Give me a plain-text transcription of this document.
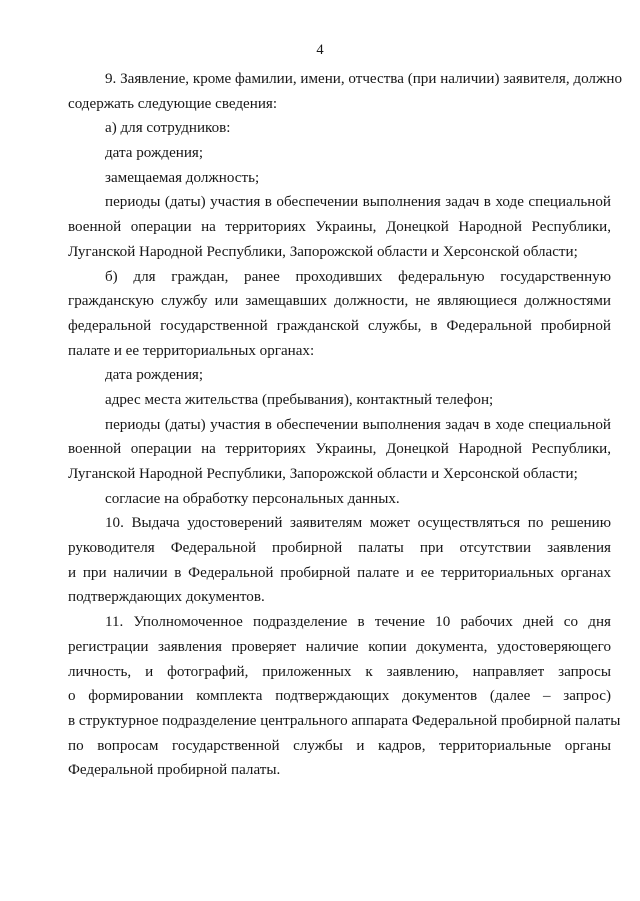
4
9. Заявление, кроме фамилии, имени, отчества (при наличии) заявителя, должно
содержать следующие сведения:
а) для сотрудников:
дата рождения;
замещаемая должность;
периоды (даты) участия в обеспечении выполнения задач в ходе специальной
военной операции на территориях Украины, Донецкой Народной Республики,
Луганской Народной Республики, Запорожской области и Херсонской области;
б) для граждан, ранее проходивших федеральную государственную
гражданскую службу или замещавших должности, не являющиеся должностями
федеральной государственной гражданской службы, в Федеральной пробирной
палате и ее территориальных органах:
дата рождения;
адрес места жительства (пребывания), контактный телефон;
периоды (даты) участия в обеспечении выполнения задач в ходе специальной
военной операции на территориях Украины, Донецкой Народной Республики,
Луганской Народной Республики, Запорожской области и Херсонской области;
согласие на обработку персональных данных.
10. Выдача удостоверений заявителям может осуществляться по решению
руководителя Федеральной пробирной палаты при отсутствии заявления
и при наличии в Федеральной пробирной палате и ее территориальных органах
подтверждающих документов.
11. Уполномоченное подразделение в течение 10 рабочих дней со дня
регистрации заявления проверяет наличие копии документа, удостоверяющего
личность, и фотографий, приложенных к заявлению, направляет запросы
о формировании комплекта подтверждающих документов (далее – запрос)
в структурное подразделение центрального аппарата Федеральной пробирной палаты
по вопросам государственной службы и кадров, территориальные органы
Федеральной пробирной палаты.
